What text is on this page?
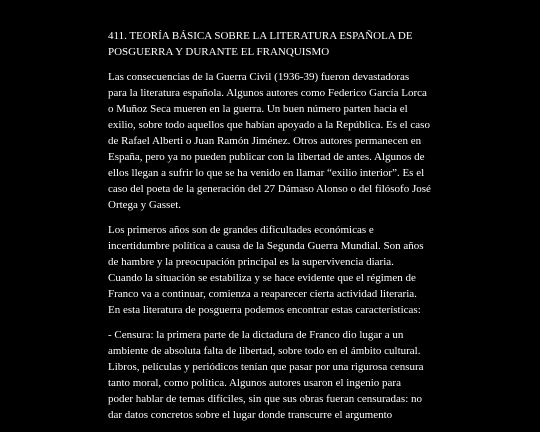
411. TEORÍA BÁSICA SOBRE LA LITERATURA ESPAÑOLA DE
POSGUERRA Y DURANTE EL FRANQUISMO

Las consecuencias de la Guerra Civil (1936-39) fueron devastadoras
para la literatura española. Algunos autores como Federico García Lorca
o Muñoz Seca mueren en la guerra. Un buen número parten hacia el
exilio, sobre todo aquellos que habían apoyado a la República. Es el caso
de Rafael Alberti o Juan Ramón Jiménez. Otros autores permanecen en
España, pero ya no pueden publicar con la libertad de antes. Algunos de
ellos llegan a sufrir lo que se ha venido en llamar “exilio interior”. Es el
caso del poeta de la generación del 27 Dámaso Alonso o del filósofo José
Ortega y Gasset.

Los primeros años son de grandes dificultades económicas e
incertidumbre política a causa de la Segunda Guerra Mundial. Son años
de hambre y la preocupación principal es la supervivencia diaria.
Cuando la situación se estabiliza y se hace evidente que el régimen de
Franco va a continuar, comienza a reaparecer cierta actividad literaria.
En esta literatura de posguerra podemos encontrar estas características:

- Censura: la primera parte de la dictadura de Franco dio lugar a un
ambiente de absoluta falta de libertad, sobre todo en el ámbito cultural.
Libros, películas y periódicos tenían que pasar por una rigurosa censura
tanto moral, como política. Algunos autores usaron el ingenio para
poder hablar de temas difíciles, sin que sus obras fueran censuradas: no
dar datos concretos sobre el lugar donde transcurre el argumento
